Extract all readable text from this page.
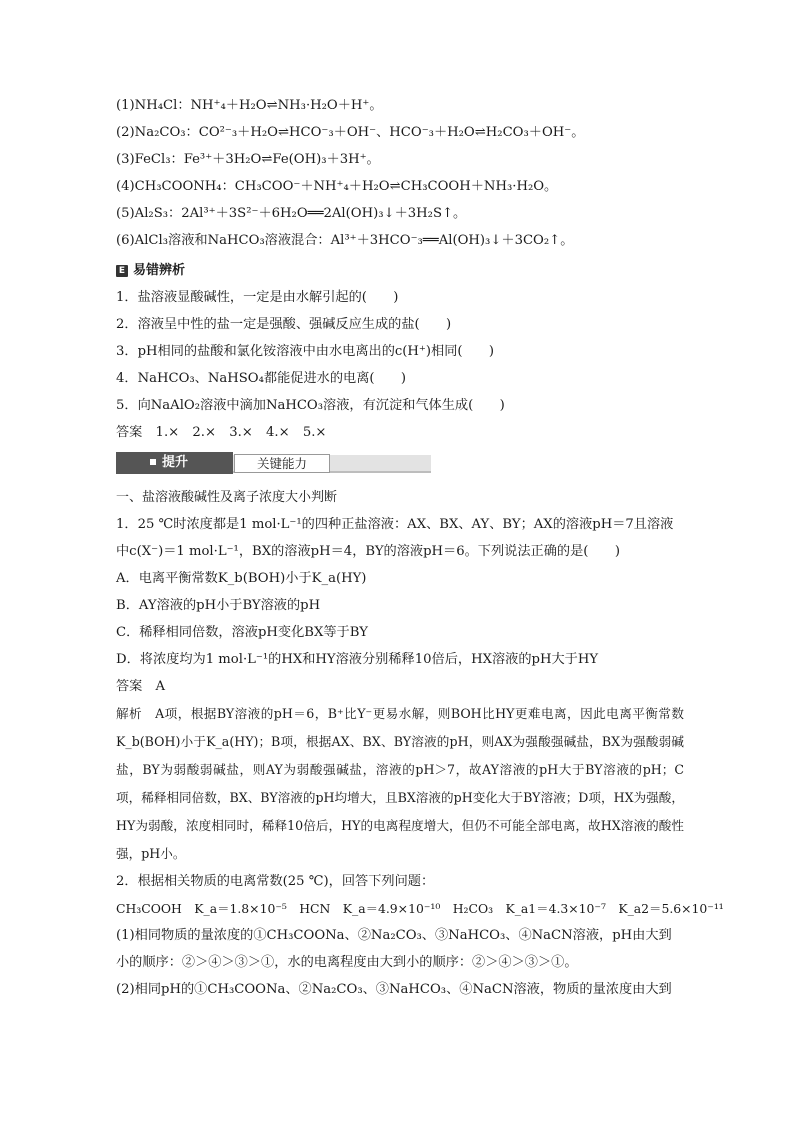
(1)NH₄Cl：NH⁺₄＋H₂O⇌NH₃·H₂O＋H⁺。
(2)Na₂CO₃：CO²⁻₃＋H₂O⇌HCO⁻₃＋OH⁻、HCO⁻₃＋H₂O⇌H₂CO₃＋OH⁻。
(3)FeCl₃：Fe³⁺＋3H₂O⇌Fe(OH)₃＋3H⁺。
(4)CH₃COONH₄：CH₃COO⁻＋NH⁺₄＋H₂O⇌CH₃COOH＋NH₃·H₂O。
(5)Al₂S₃：2Al³⁺＋3S²⁻＋6H₂O══2Al(OH)₃↓＋3H₂S↑。
(6)AlCl₃溶液和NaHCO₃溶液混合：Al³⁺＋3HCO⁻₃══Al(OH)₃↓＋3CO₂↑。
E 易错辨析
1．盐溶液显酸碱性，一定是由水解引起的(　　)
2．溶液呈中性的盐一定是强酸、强碱反应生成的盐(　　)
3．pH相同的盐酸和氯化铵溶液中由水电离出的c(H⁺)相同(　　)
4．NaHCO₃、NaHSO₄都能促进水的电离(　　)
5．向NaAlO₂溶液中滴加NaHCO₃溶液，有沉淀和气体生成(　　)
答案　1.×　2.×　3.×　4.×　5.×
提升	关键能力
一、盐溶液酸碱性及离子浓度大小判断
1．25 ℃时浓度都是1 mol·L⁻¹的四种正盐溶液：AX、BX、AY、BY；AX的溶液pH＝7且溶液中c(X⁻)＝1 mol·L⁻¹，BX的溶液pH＝4，BY的溶液pH＝6。下列说法正确的是(　　)
A．电离平衡常数K_b(BOH)小于K_a(HY)
B．AY溶液的pH小于BY溶液的pH
C．稀释相同倍数，溶液pH变化BX等于BY
D．将浓度均为1 mol·L⁻¹的HX和HY溶液分别稀释10倍后，HX溶液的pH大于HY
答案　A
解析　A项，根据BY溶液的pH＝6，B⁺比Y⁻更易水解，则BOH比HY更难电离，因此电离平衡常数K_b(BOH)小于K_a(HY)；B项，根据AX、BX、BY溶液的pH，则AX为强酸强碱盐，BX为强酸弱碱盐，BY为弱酸弱碱盐，则AY为弱酸强碱盐，溶液的pH＞7，故AY溶液的pH大于BY溶液的pH；C项，稀释相同倍数，BX、BY溶液的pH均增大，且BX溶液的pH变化大于BY溶液；D项，HX为强酸，HY为弱酸，浓度相同时，稀释10倍后，HY的电离程度增大，但仍不可能全部电离，故HX溶液的酸性强，pH小。
2．根据相关物质的电离常数(25 ℃)，回答下列问题：
CH₃COOH　K_a＝1.8×10⁻⁵　HCN　K_a＝4.9×10⁻¹⁰　H₂CO₃　K_a1＝4.3×10⁻⁷　K_a2＝5.6×10⁻¹¹
(1)相同物质的量浓度的①CH₃COONa、②Na₂CO₃、③NaHCO₃、④NaCN溶液，pH由大到小的顺序：②＞④＞③＞①，水的电离程度由大到小的顺序：②＞④＞③＞①。
(2)相同pH的①CH₃COONa、②Na₂CO₃、③NaHCO₃、④NaCN溶液，物质的量浓度由大到
